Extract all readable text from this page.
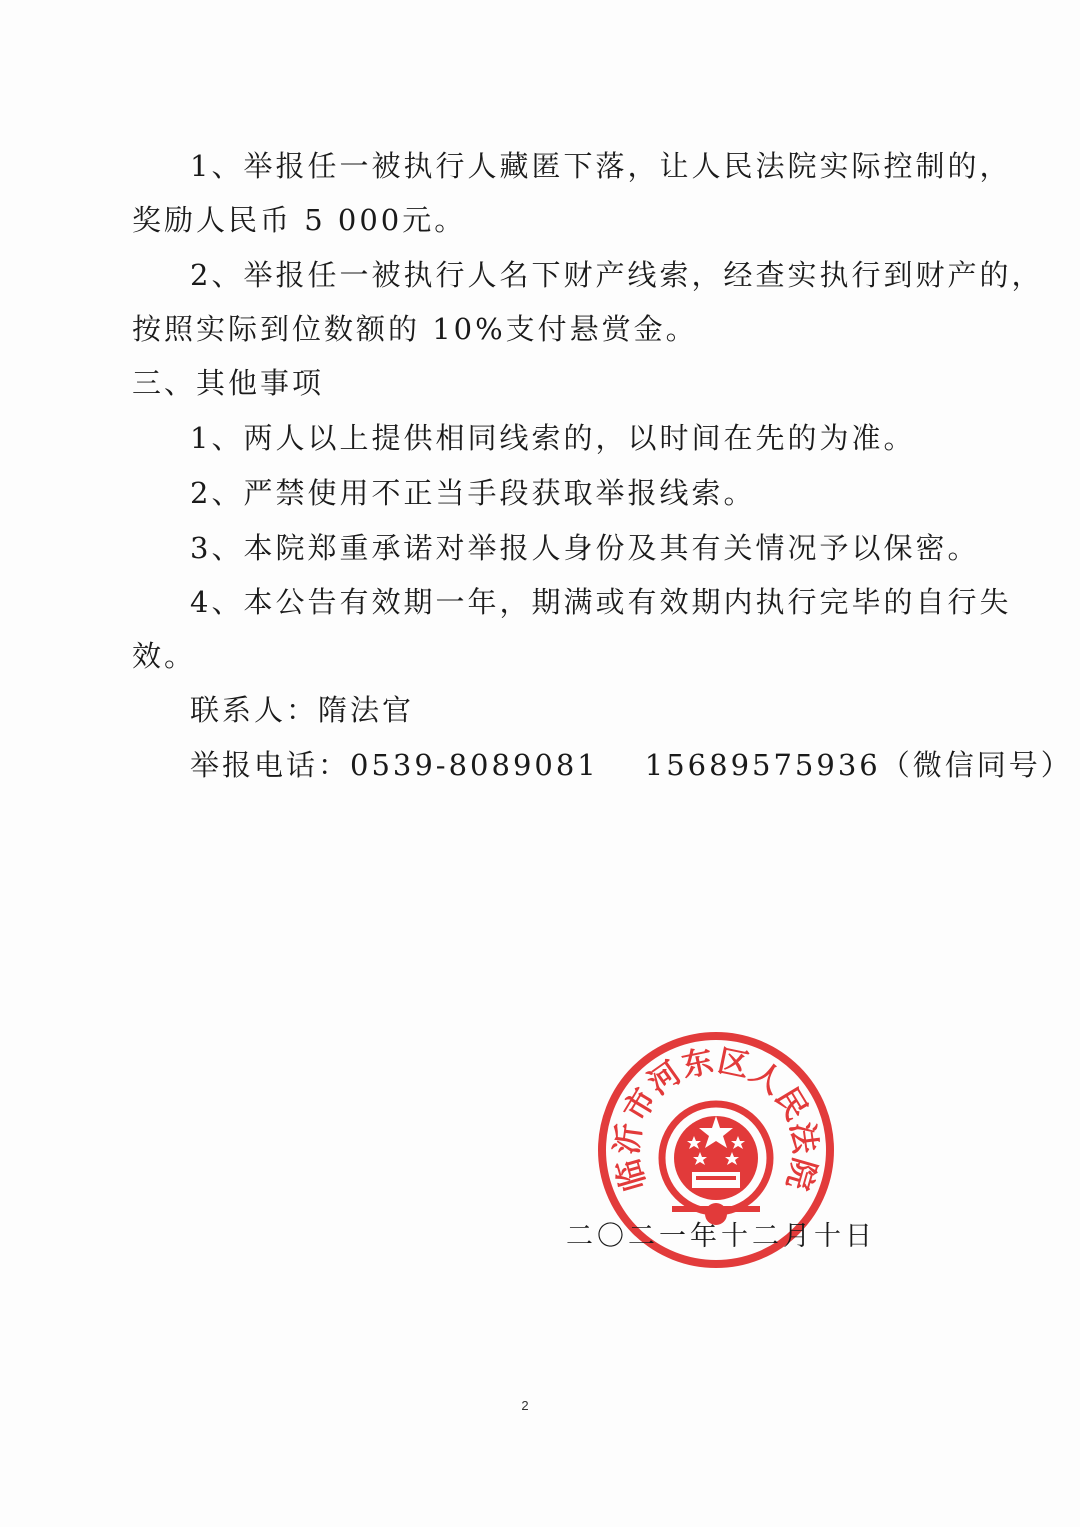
1、举报任一被执行人藏匿下落，让人民法院实际控制的，
奖励人民币 5 000元。
2、举报任一被执行人名下财产线索，经查实执行到财产的，
按照实际到位数额的 10%支付悬赏金。
三、其他事项
1、两人以上提供相同线索的，以时间在先的为准。
2、严禁使用不正当手段获取举报线索。
3、本院郑重承诺对举报人身份及其有关情况予以保密。
4、本公告有效期一年，期满或有效期内执行完毕的自行失
效。
联系人：隋法官
举报电话：0539-8089081 15689575936（微信同号）
临沂市河东区人民法院
二〇二一年十二月十日
2
